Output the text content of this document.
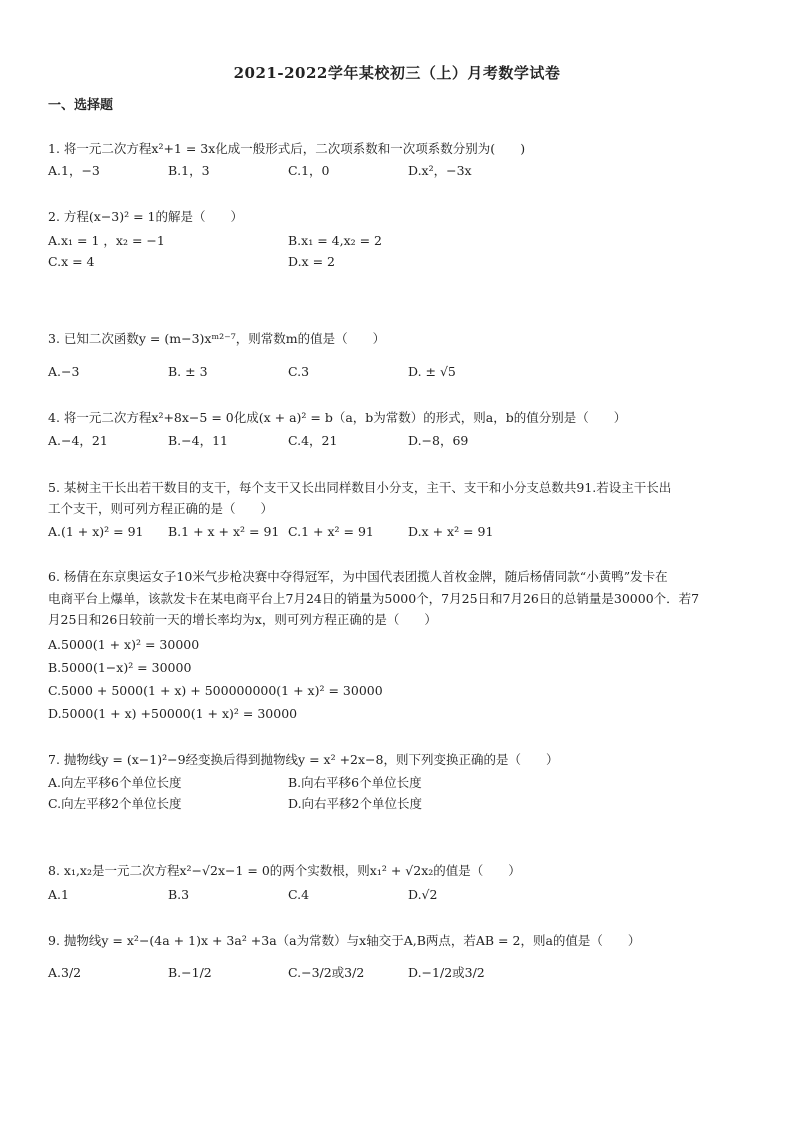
2021-2022学年某校初三（上）月考数学试卷
一、选择题
1. 将一元二次方程x²+1 = 3x化成一般形式后，二次项系数和一次项系数分别为(　　)
A.1，−3	B.1，3	C.1，0	D.x²，−3x
2. 方程(x−3)² = 1的解是（　　）
A.x₁ = 1 ，x₂ = −1	B.x₁ = 4,x₂ = 2
C.x = 4	D.x = 2
3. 已知二次函数y = (m−3)xᵐ²⁻⁷，则常数m的值是（　　）
A.−3	B. ± 3	C.3	D. ± √5
4. 将一元二次方程x²+8x−5 = 0化成(x + a)² = b（a，b为常数）的形式，则a，b的值分别是（　　）
A.−4，21	B.−4，11	C.4，21	D.−8，69
5. 某树主干长出若干数目的支干，每个支干又长出同样数目小分支，主干、支干和小分支总数共91.若设主干长出
工个支干，则可列方程正确的是（　　）
A.(1 + x)² = 91	B.1 + x + x² = 91 C.1 + x² = 91	D.x + x² = 91
6. 杨倩在东京奥运女子10米气步枪决赛中夺得冠军，为中国代表团揽人首枚金牌，随后杨倩同款“小黄鸭”发卡在
电商平台上爆单，该款发卡在某电商平台上7月24日的销量为5000个，7月25日和7月26日的总销量是30000个．若7
月25日和26日较前一天的增长率均为x，则可列方程正确的是（　　）
A.5000(1 + x)² = 30000
B.5000(1−x)² = 30000
C.5000 + 5000(1 + x) + 500000000(1 + x)² = 30000
D.5000(1 + x) +50000(1 + x)² = 30000
7. 抛物线y = (x−1)²−9经变换后得到抛物线y = x² +2x−8，则下列变换正确的是（　　）
A.向左平移6个单位长度	B.向右平移6个单位长度
C.向左平移2个单位长度	D.向右平移2个单位长度
8. x₁,x₂是一元二次方程x²−√2x−1 = 0的两个实数根，则x₁² + √2x₂的值是（　　）
A.1	B.3	C.4	D.√2
9. 抛物线y = x²−(4a + 1)x + 3a² +3a（a为常数）与x轴交于A,B两点，若AB = 2，则a的值是（　　）
A.3/2	B.−1/2	C.−3/2或3/2	D.−1/2或3/2
